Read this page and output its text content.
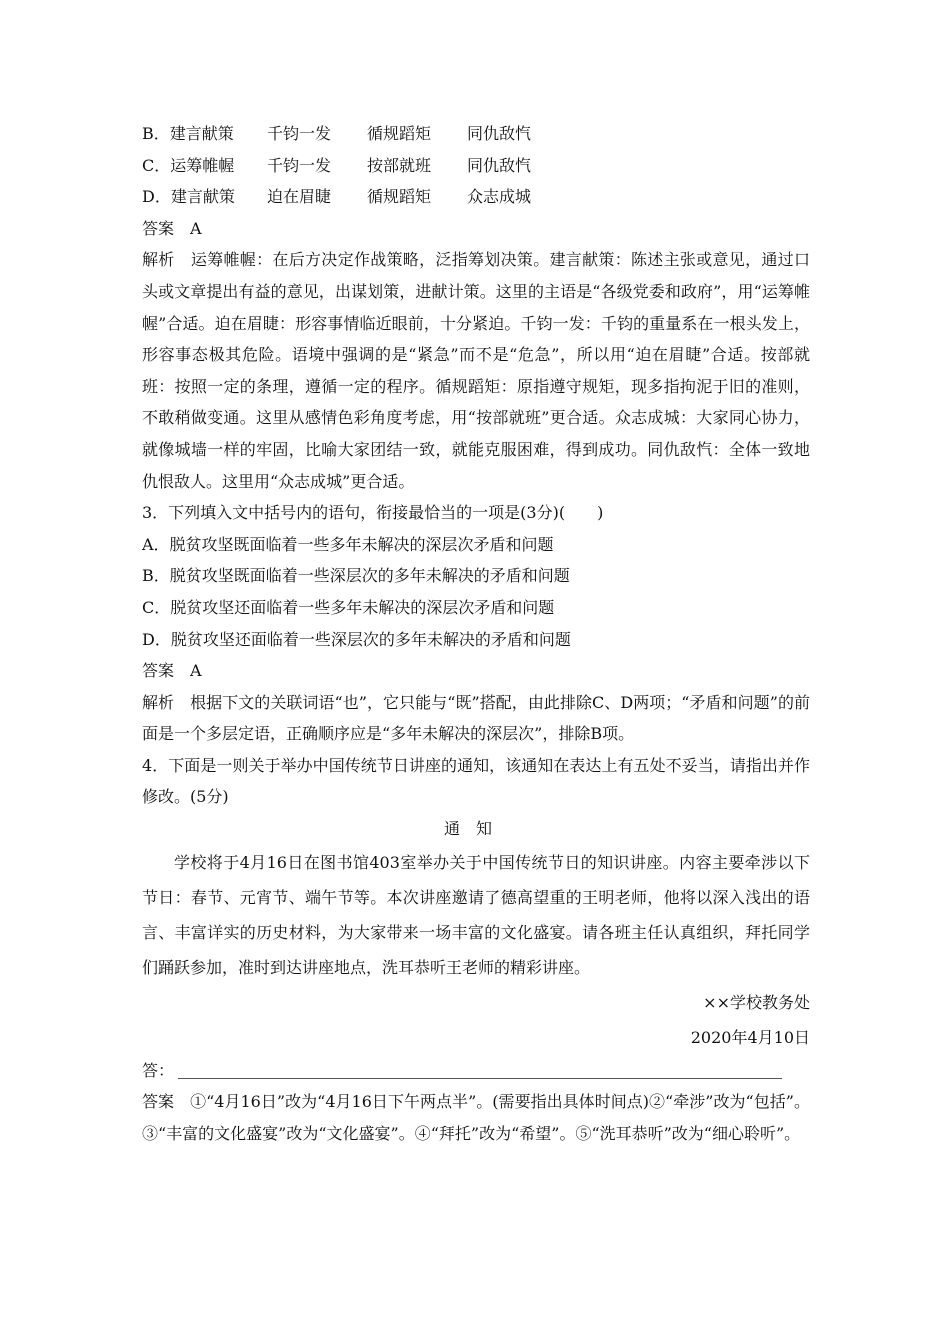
B．建言献策 千钧一发 循规蹈矩 同仇敌忾
C．运筹帷幄 千钧一发 按部就班 同仇敌忾
D．建言献策 迫在眉睫 循规蹈矩 众志成城

答案　A

解析　运筹帷幄：在后方决定作战策略，泛指筹划决策。建言献策：陈述主张或意见，通过口头或文章提出有益的意见，出谋划策，进献计策。这里的主语是“各级党委和政府”，用“运筹帷幄”合适。迫在眉睫：形容事情临近眼前，十分紧迫。千钧一发：千钧的重量系在一根头发上，形容事态极其危险。语境中强调的是“紧急”而不是“危急”，所以用“迫在眉睫”合适。按部就班：按照一定的条理，遵循一定的程序。循规蹈矩：原指遵守规矩，现多指拘泥于旧的准则，不敢稍做变通。这里从感情色彩角度考虑，用“按部就班”更合适。众志成城：大家同心协力，就像城墙一样的牢固，比喻大家团结一致，就能克服困难，得到成功。同仇敌忾：全体一致地仇恨敌人。这里用“众志成城”更合适。

3．下列填入文中括号内的语句，衔接最恰当的一项是(3分)(　　)

A．脱贫攻坚既面临着一些多年未解决的深层次矛盾和问题

B．脱贫攻坚既面临着一些深层次的多年未解决的矛盾和问题

C．脱贫攻坚还面临着一些多年未解决的深层次矛盾和问题

D．脱贫攻坚还面临着一些深层次的多年未解决的矛盾和问题

答案　A

解析　根据下文的关联词语“也”，它只能与“既”搭配，由此排除C、D两项；“矛盾和问题”的前面是一个多层定语，正确顺序应是“多年未解决的深层次”，排除B项。

4．下面是一则关于举办中国传统节日讲座的通知，该通知在表达上有五处不妥当，请指出并作修改。(5分)

通知

学校将于4月16日在图书馆403室举办关于中国传统节日的知识讲座。内容主要牵涉以下节日：春节、元宵节、端午节等。本次讲座邀请了德高望重的王明老师，他将以深入浅出的语言、丰富详实的历史材料，为大家带来一场丰富的文化盛宴。请各班主任认真组织，拜托同学们踊跃参加，准时到达讲座地点，洗耳恭听王老师的精彩讲座。

××学校教务处

2020年4月10日

答：

答案　①“4月16日”改为“4月16日下午两点半”。(需要指出具体时间点)②“牵涉”改为“包括”。③“丰富的文化盛宴”改为“文化盛宴”。④“拜托”改为“希望”。⑤“洗耳恭听”改为“细心聆听”。
